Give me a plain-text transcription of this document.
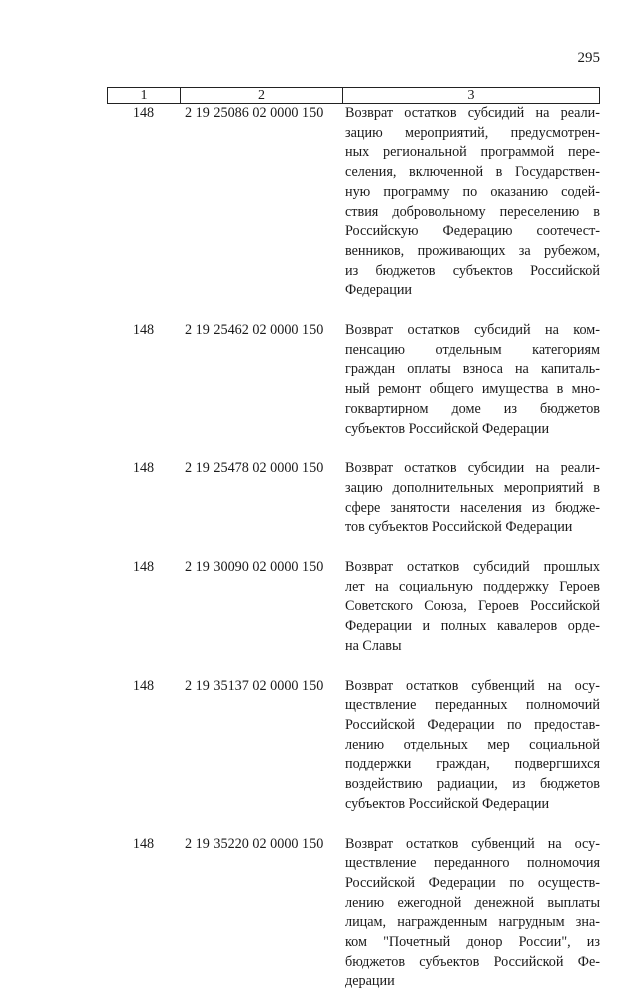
295
1	2	3
148	2 19 25086 02 0000 150	Возврат остатков субсидий на реали-
зацию мероприятий, предусмотрен-
ных региональной программой пере-
селения, включенной в Государствен-
ную программу по оказанию содей-
ствия добровольному переселению в
Российскую Федерацию соотечест-
венников, проживающих за рубежом,
из бюджетов субъектов Российской
Федерации
148	2 19 25462 02 0000 150	Возврат остатков субсидий на ком-
пенсацию отдельным категориям
граждан оплаты взноса на капиталь-
ный ремонт общего имущества в мно-
гоквартирном доме из бюджетов
субъектов Российской Федерации
148	2 19 25478 02 0000 150	Возврат остатков субсидии на реали-
зацию дополнительных мероприятий в
сфере занятости населения из бюдже-
тов субъектов Российской Федерации
148	2 19 30090 02 0000 150	Возврат остатков субсидий прошлых
лет на социальную поддержку Героев
Советского Союза, Героев Российской
Федерации и полных кавалеров орде-
на Славы
148	2 19 35137 02 0000 150	Возврат остатков субвенций на осу-
ществление переданных полномочий
Российской Федерации по предостав-
лению отдельных мер социальной
поддержки граждан, подвергшихся
воздействию радиации, из бюджетов
субъектов Российской Федерации
148	2 19 35220 02 0000 150	Возврат остатков субвенций на осу-
ществление переданного полномочия
Российской Федерации по осуществ-
лению ежегодной денежной выплаты
лицам, награжденным нагрудным зна-
ком "Почетный донор России", из
бюджетов субъектов Российской Фе-
дерации
